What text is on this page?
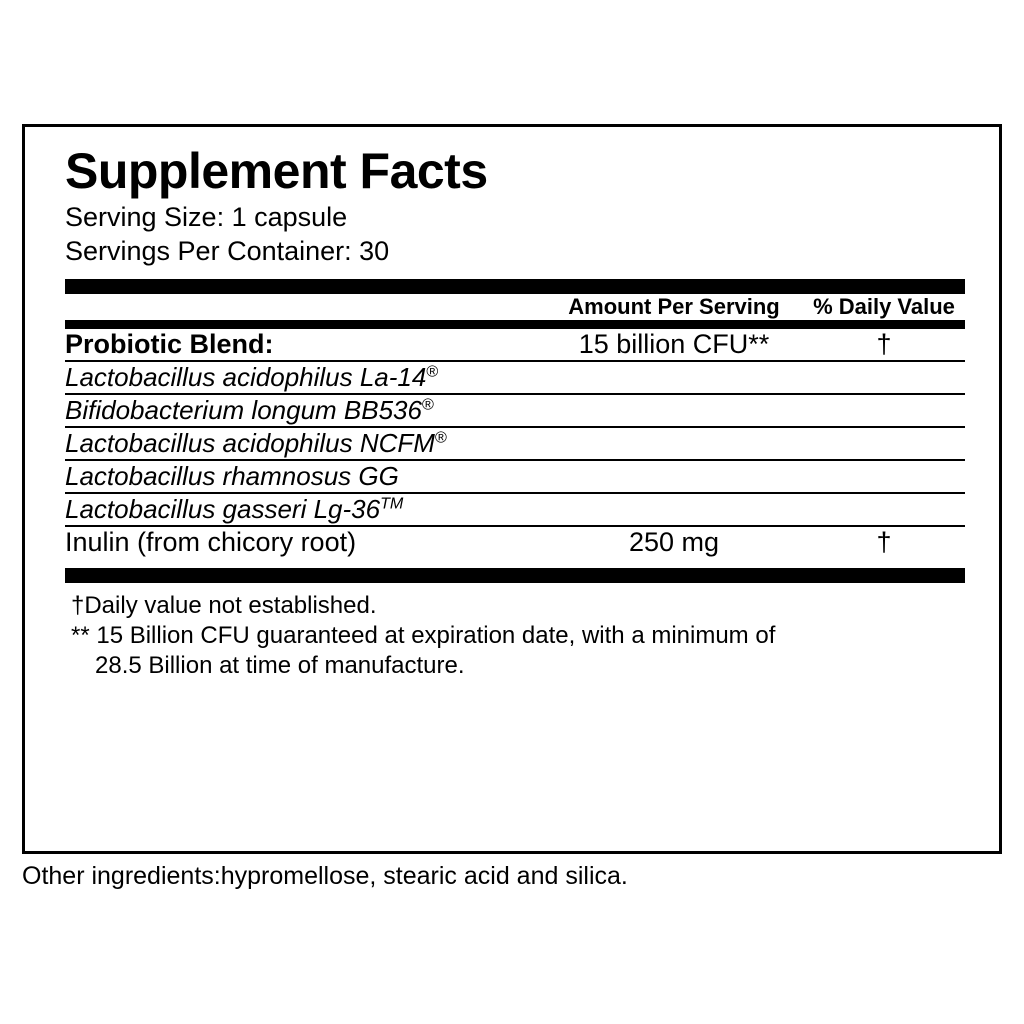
Supplement Facts
Serving Size: 1 capsule
Servings Per Container: 30
	Amount Per Serving	% Daily Value
Probiotic Blend:	15 billion CFU**	†

Lactobacillus acidophilus La-14®

Bifidobacterium longum BB536®

Lactobacillus acidophilus NCFM®

Lactobacillus rhamnosus GG		

Lactobacillus gasseri Lg-36™

Inulin (from chicory root)	250 mg	†
†Daily value not established.
** 15 Billion CFU guaranteed at expiration date, with a minimum of
28.5 Billion at time of manufacture.
Other ingredients:hypromellose, stearic acid and silica.
